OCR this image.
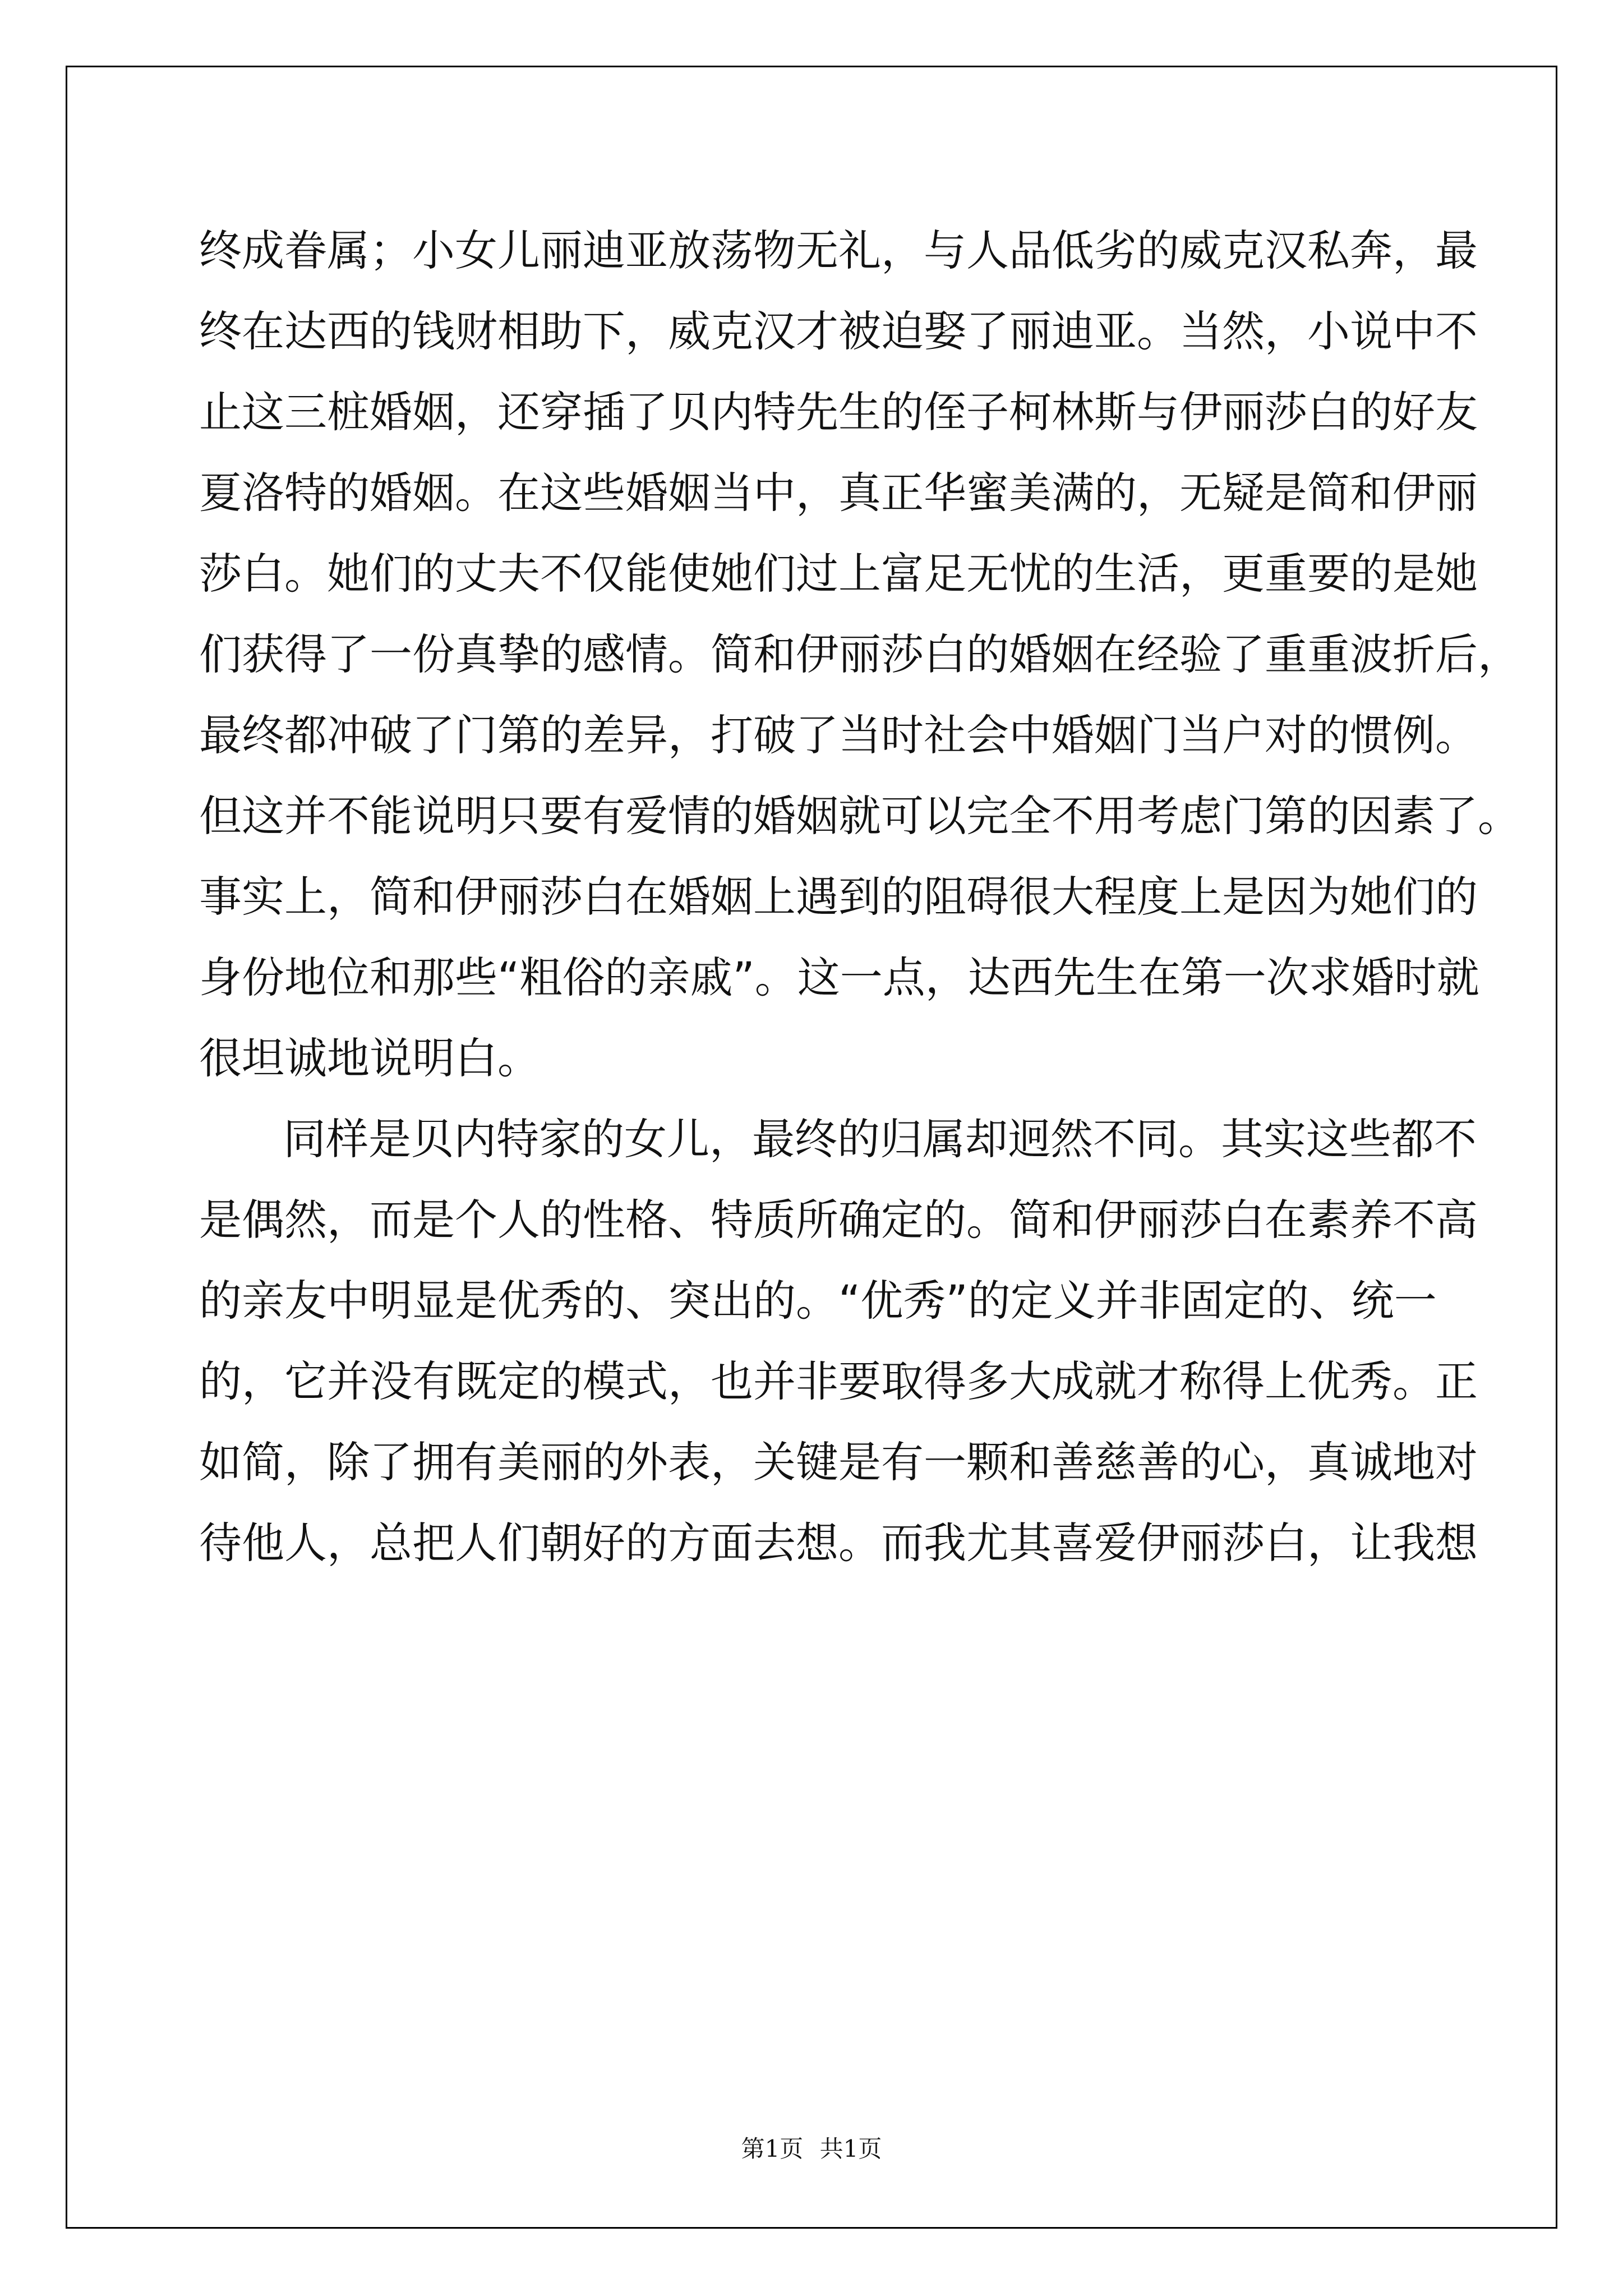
终成眷属；小女儿丽迪亚放荡物无礼，与人品低劣的威克汉私奔，最
终在达西的钱财相助下，威克汉才被迫娶了丽迪亚。当然，小说中不
止这三桩婚姻，还穿插了贝内特先生的侄子柯林斯与伊丽莎白的好友
夏洛特的婚姻。在这些婚姻当中，真正华蜜美满的，无疑是简和伊丽
莎白。她们的丈夫不仅能使她们过上富足无忧的生活，更重要的是她
们获得了一份真挚的感情。简和伊丽莎白的婚姻在经验了重重波折后，
最终都冲破了门第的差异，打破了当时社会中婚姻门当户对的惯例。
但这并不能说明只要有爱情的婚姻就可以完全不用考虑门第的因素了。
事实上，简和伊丽莎白在婚姻上遇到的阻碍很大程度上是因为她们的
身份地位和那些“粗俗的亲戚”。这一点，达西先生在第一次求婚时就
很坦诚地说明白。
同样是贝内特家的女儿，最终的归属却迥然不同。其实这些都不
是偶然，而是个人的性格、特质所确定的。简和伊丽莎白在素养不高
的亲友中明显是优秀的、突出的。“优秀”的定义并非固定的、统一
的，它并没有既定的模式，也并非要取得多大成就才称得上优秀。正
如简，除了拥有美丽的外表，关键是有一颗和善慈善的心，真诚地对
待他人，总把人们朝好的方面去想。而我尤其喜爱伊丽莎白，让我想
第1页 共1页
